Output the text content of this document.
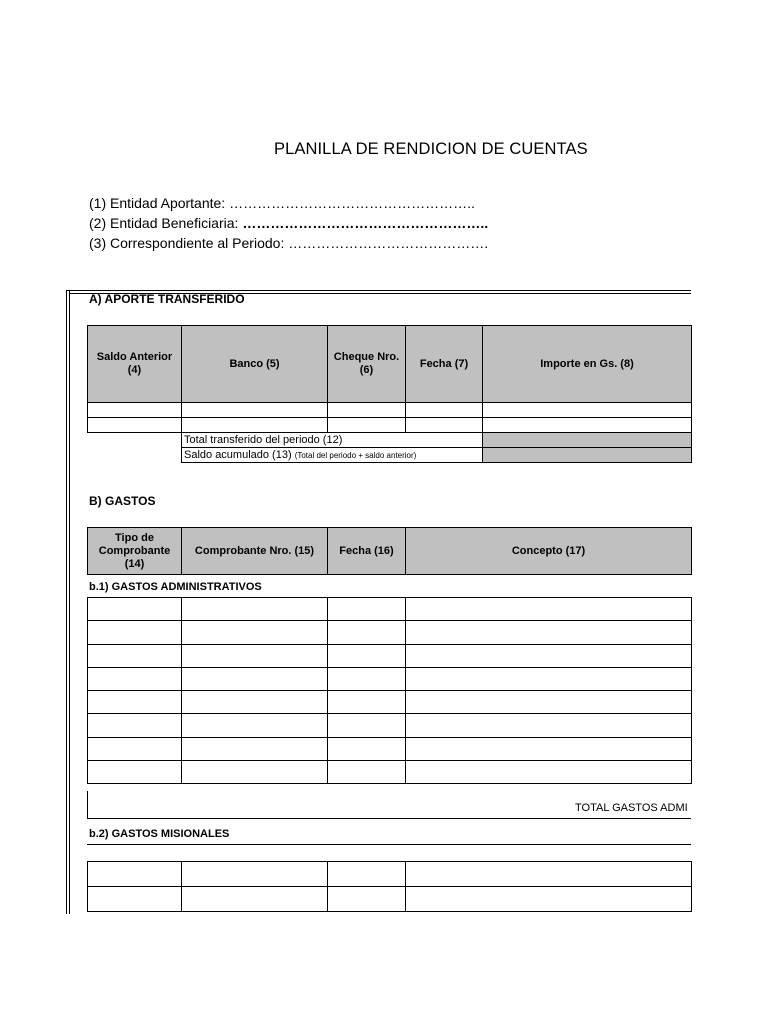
PLANILLA DE RENDICION DE CUENTAS
(1) Entidad Aportante: ……………………………………………..
(2) Entidad Beneficiaria: ……………………………………………..
(3) Correspondiente al Periodo: …………………………………….
A) APORTE TRANSFERIDO
Saldo Anterior (4)	Banco (5)	Cheque Nro. (6)	Fecha (7)	Importe en Gs. (8)

	Total transferido del periodo (12)			
	Saldo acumulado (13) (Total del periodo + saldo anterior)			
B) GASTOS
Tipo de Comprobante (14)	Comprobante Nro. (15)	Fecha (16)	Concepto (17)
b.1) GASTOS ADMINISTRATIVOS

TOTAL GASTOS ADMI
b.2) GASTOS MISIONALES
